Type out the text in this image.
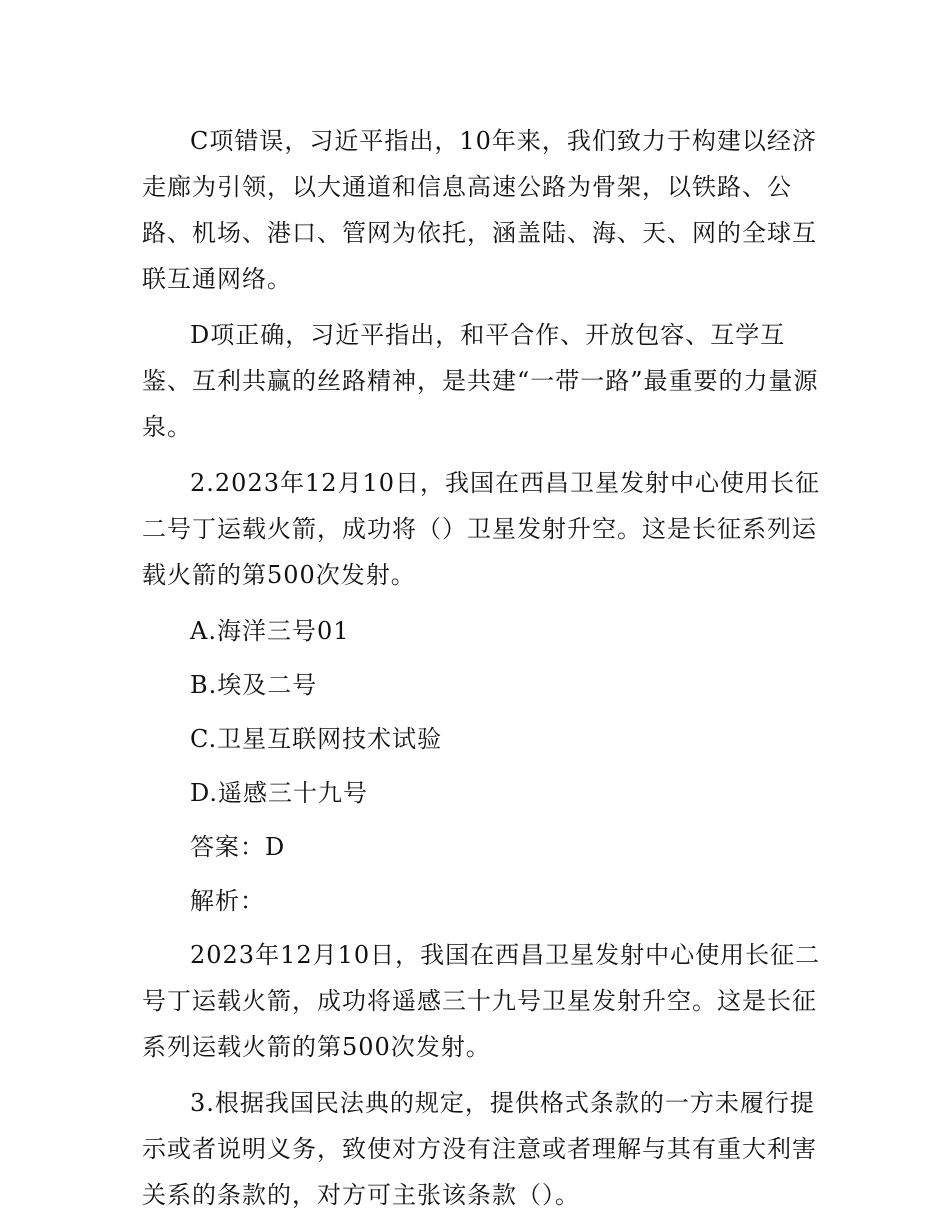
C项错误，习近平指出，10年来，我们致力于构建以经济走廊为引领，以大通道和信息高速公路为骨架，以铁路、公路、机场、港口、管网为依托，涵盖陆、海、天、网的全球互联互通网络。

D项正确，习近平指出，和平合作、开放包容、互学互鉴、互利共赢的丝路精神，是共建“一带一路”最重要的力量源泉。

2.2023年12月10日，我国在西昌卫星发射中心使用长征二号丁运载火箭，成功将（）卫星发射升空。这是长征系列运载火箭的第500次发射。

A.海洋三号01
B.埃及二号
C.卫星互联网技术试验
D.遥感三十九号
答案：D
解析：

2023年12月10日，我国在西昌卫星发射中心使用长征二号丁运载火箭，成功将遥感三十九号卫星发射升空。这是长征系列运载火箭的第500次发射。

3.根据我国民法典的规定，提供格式条款的一方未履行提示或者说明义务，致使对方没有注意或者理解与其有重大利害关系的条款的，对方可主张该条款（）。
